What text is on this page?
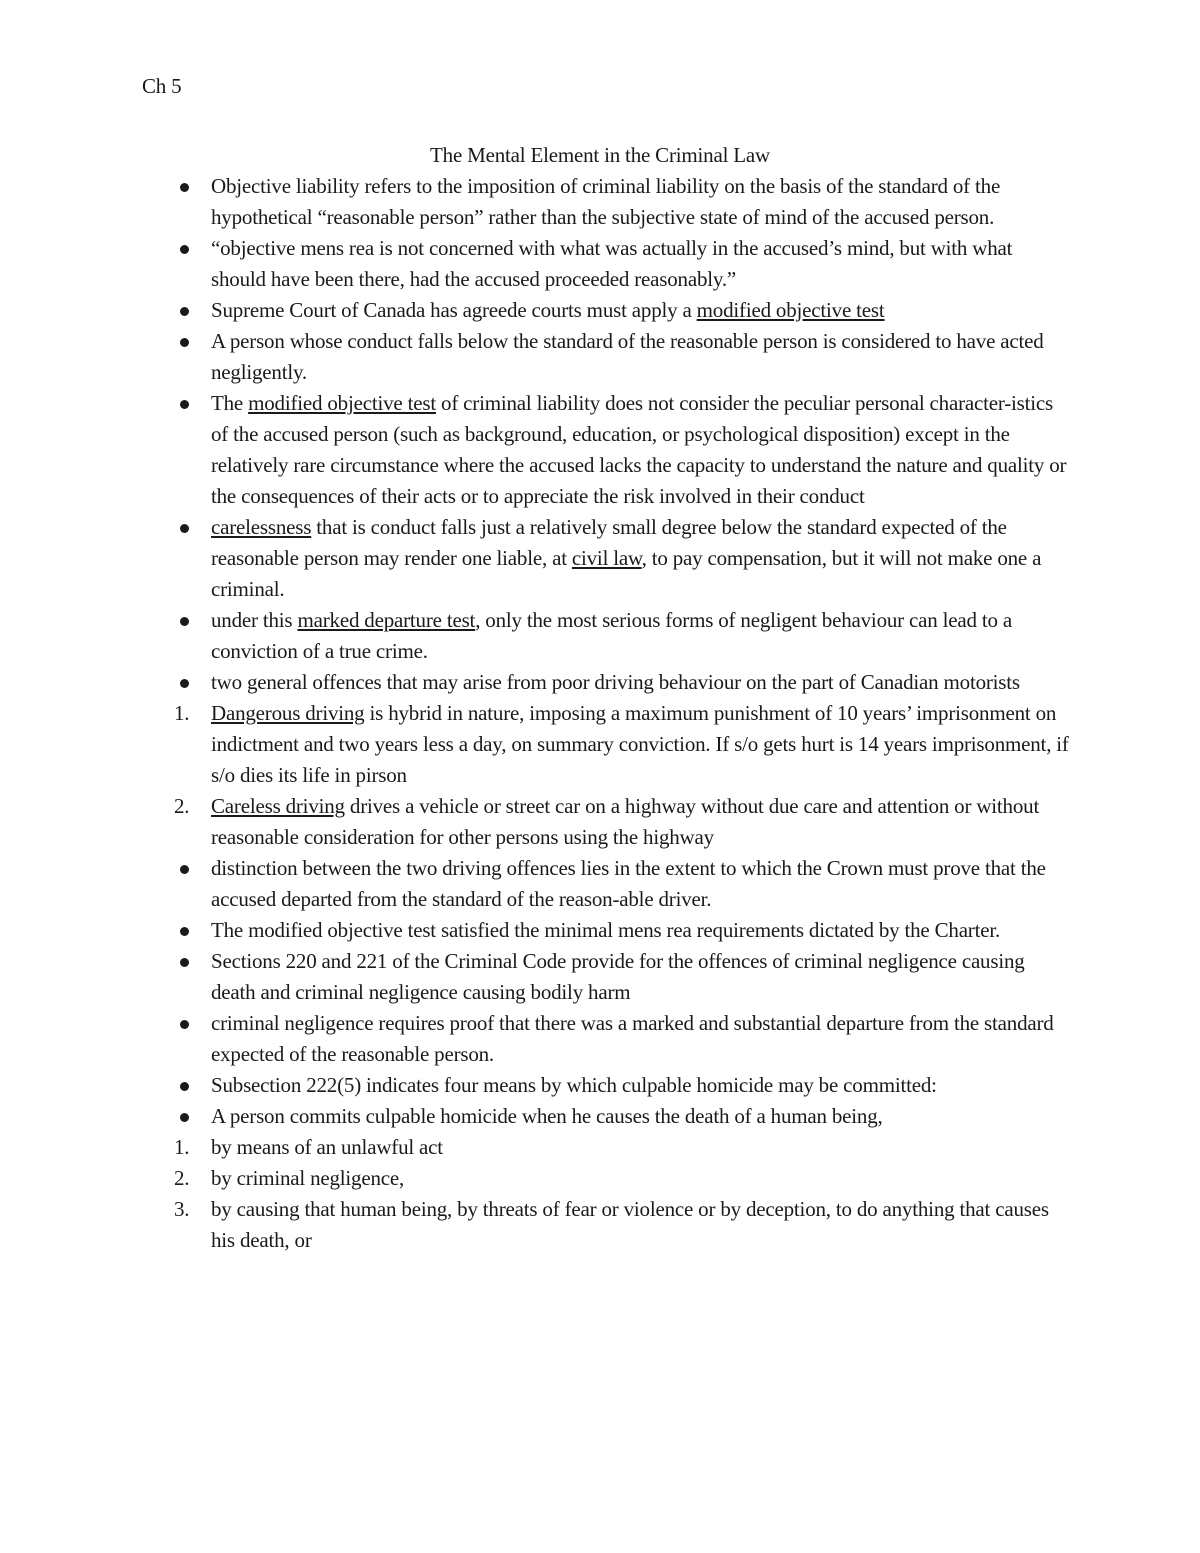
Ch 5
The Mental Element in the Criminal Law
Objective liability refers to the imposition of criminal liability on the basis of the standard of the hypothetical “reasonable person” rather than the subjective state of mind of the accused person.
“objective mens rea is not concerned with what was actually in the accused’s mind, but with what should have been there, had the accused proceeded reasonably.”
Supreme Court of Canada has agreede courts must apply a modified objective test
A person whose conduct falls below the standard of the reasonable person is considered to have acted negligently.
The modified objective test of criminal liability does not consider the peculiar personal character-istics of the accused person (such as background, education, or psychological disposition) except in the relatively rare circumstance where the accused lacks the capacity to understand the nature and quality or the consequences of their acts or to appreciate the risk involved in their conduct
carelessness that is conduct falls just a relatively small degree below the standard expected of the reasonable person may render one liable, at civil law, to pay compensation, but it will not make one a criminal.
under this marked departure test, only the most serious forms of negligent behaviour can lead to a conviction of a true crime.
two general offences that may arise from poor driving behaviour on the part of Canadian motorists
1. Dangerous driving is hybrid in nature, imposing a maximum punishment of 10 years’ imprisonment on indictment and two years less a day, on summary conviction. If s/o gets hurt is 14 years imprisonment, if s/o dies its life in pirson
2. Careless driving drives a vehicle or street car on a highway without due care and attention or without reasonable consideration for other persons using the highway
distinction between the two driving offences lies in the extent to which the Crown must prove that the accused departed from the standard of the reason-able driver.
The modified objective test satisfied the minimal mens rea requirements dictated by the Charter.
Sections 220 and 221 of the Criminal Code provide for the offences of criminal negligence causing death and criminal negligence causing bodily harm
criminal negligence requires proof that there was a marked and substantial departure from the standard expected of the reasonable person.
Subsection 222(5) indicates four means by which culpable homicide may be committed:
A person commits culpable homicide when he causes the death of a human being,
1. by means of an unlawful act
2. by criminal negligence,
3. by causing that human being, by threats of fear or violence or by deception, to do anything that causes his death, or
